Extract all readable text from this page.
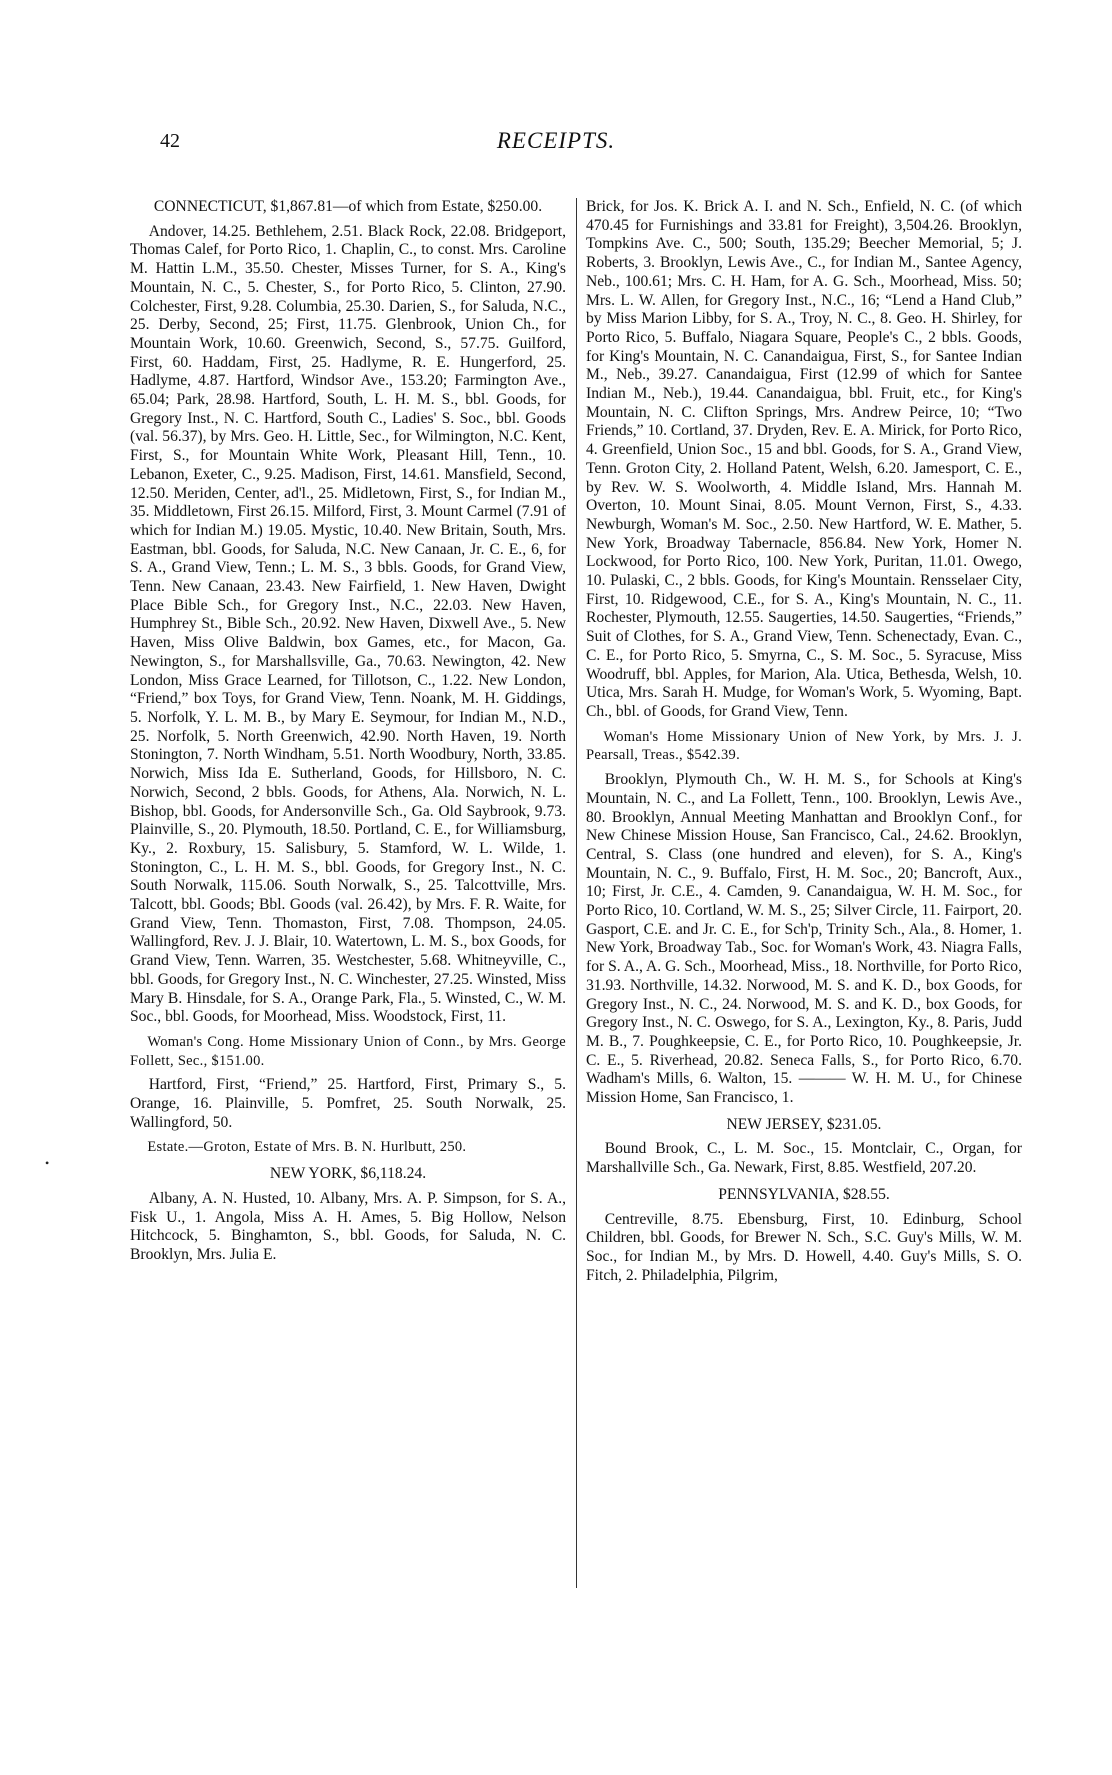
42	RECEIPTS.
•

CONNECTICUT, $1,867.81—of which from Estate, $250.00.

Andover, 14.25. Bethlehem, 2.51. Black Rock, 22.08. Bridgeport, Thomas Calef, for Porto Rico, 1. Chaplin, C., to const. Mrs. Caroline M. Hattin L.M., 35.50. Chester, Misses Turner, for S. A., King's Mountain, N. C., 5. Chester, S., for Porto Rico, 5. Clinton, 27.90. Colchester, First, 9.28. Columbia, 25.30. Darien, S., for Saluda, N.C., 25. Derby, Second, 25; First, 11.75. Glenbrook, Union Ch., for Mountain Work, 10.60. Greenwich, Second, S., 57.75. Guilford, First, 60. Haddam, First, 25. Hadlyme, R. E. Hungerford, 25. Hadlyme, 4.87. Hartford, Windsor Ave., 153.20; Farmington Ave., 65.04; Park, 28.98. Hartford, South, L. H. M. S., bbl. Goods, for Gregory Inst., N. C. Hartford, South C., Ladies' S. Soc., bbl. Goods (val. 56.37), by Mrs. Geo. H. Little, Sec., for Wilmington, N.C. Kent, First, S., for Mountain White Work, Pleasant Hill, Tenn., 10. Lebanon, Exeter, C., 9.25. Madison, First, 14.61. Mansfield, Second, 12.50. Meriden, Center, ad'l., 25. Midletown, First, S., for Indian M., 35. Middletown, First 26.15. Milford, First, 3. Mount Carmel (7.91 of which for Indian M.) 19.05. Mystic, 10.40. New Britain, South, Mrs. Eastman, bbl. Goods, for Saluda, N.C. New Canaan, Jr. C. E., 6, for S. A., Grand View, Tenn.; L. M. S., 3 bbls. Goods, for Grand View, Tenn. New Canaan, 23.43. New Fairfield, 1. New Haven, Dwight Place Bible Sch., for Gregory Inst., N.C., 22.03. New Haven, Humphrey St., Bible Sch., 20.92. New Haven, Dixwell Ave., 5. New Haven, Miss Olive Baldwin, box Games, etc., for Macon, Ga. Newington, S., for Marshallsville, Ga., 70.63. Newington, 42. New London, Miss Grace Learned, for Tillotson, C., 1.22. New London, “Friend,” box Toys, for Grand View, Tenn. Noank, M. H. Giddings, 5. Norfolk, Y. L. M. B., by Mary E. Seymour, for Indian M., N.D., 25. Norfolk, 5. North Greenwich, 42.90. North Haven, 19. North Stonington, 7. North Windham, 5.51. North Woodbury, North, 33.85. Norwich, Miss Ida E. Sutherland, Goods, for Hillsboro, N. C. Norwich, Second, 2 bbls. Goods, for Athens, Ala. Norwich, N. L. Bishop, bbl. Goods, for Andersonville Sch., Ga. Old Saybrook, 9.73. Plainville, S., 20. Plymouth, 18.50. Portland, C. E., for Williamsburg, Ky., 2. Roxbury, 15. Salisbury, 5. Stamford, W. L. Wilde, 1. Stonington, C., L. H. M. S., bbl. Goods, for Gregory Inst., N. C. South Norwalk, 115.06. South Norwalk, S., 25. Talcottville, Mrs. Talcott, bbl. Goods; Bbl. Goods (val. 26.42), by Mrs. F. R. Waite, for Grand View, Tenn. Thomaston, First, 7.08. Thompson, 24.05. Wallingford, Rev. J. J. Blair, 10. Watertown, L. M. S., box Goods, for Grand View, Tenn. Warren, 35. Westchester, 5.68. Whitneyville, C., bbl. Goods, for Gregory Inst., N. C. Winchester, 27.25. Winsted, Miss Mary B. Hinsdale, for S. A., Orange Park, Fla., 5. Winsted, C., W. M. Soc., bbl. Goods, for Moorhead, Miss. Woodstock, First, 11.

Woman's Cong. Home Missionary Union of Conn., by Mrs. George Follett, Sec., $151.00.

Hartford, First, “Friend,” 25. Hartford, First, Primary S., 5. Orange, 16. Plainville, 5. Pomfret, 25. South Norwalk, 25. Wallingford, 50.

Estate.—Groton, Estate of Mrs. B. N. Hurlbutt, 250.

NEW YORK, $6,118.24.

Albany, A. N. Husted, 10. Albany, Mrs. A. P. Simpson, for S. A., Fisk U., 1. Angola, Miss A. H. Ames, 5. Big Hollow, Nelson Hitchcock, 5. Binghamton, S., bbl. Goods, for Saluda, N. C. Brooklyn, Mrs. Julia E.

Brick, for Jos. K. Brick A. I. and N. Sch., Enfield, N. C. (of which 470.45 for Furnishings and 33.81 for Freight), 3,504.26. Brooklyn, Tompkins Ave. C., 500; South, 135.29; Beecher Memorial, 5; J. Roberts, 3. Brooklyn, Lewis Ave., C., for Indian M., Santee Agency, Neb., 100.61; Mrs. C. H. Ham, for A. G. Sch., Moorhead, Miss. 50; Mrs. L. W. Allen, for Gregory Inst., N.C., 16; “Lend a Hand Club,” by Miss Marion Libby, for S. A., Troy, N. C., 8. Geo. H. Shirley, for Porto Rico, 5. Buffalo, Niagara Square, People's C., 2 bbls. Goods, for King's Mountain, N. C. Canandaigua, First, S., for Santee Indian M., Neb., 39.27. Canandaigua, First (12.99 of which for Santee Indian M., Neb.), 19.44. Canandaigua, bbl. Fruit, etc., for King's Mountain, N. C. Clifton Springs, Mrs. Andrew Peirce, 10; “Two Friends,” 10. Cortland, 37. Dryden, Rev. E. A. Mirick, for Porto Rico, 4. Greenfield, Union Soc., 15 and bbl. Goods, for S. A., Grand View, Tenn. Groton City, 2. Holland Patent, Welsh, 6.20. Jamesport, C. E., by Rev. W. S. Woolworth, 4. Middle Island, Mrs. Hannah M. Overton, 10. Mount Sinai, 8.05. Mount Vernon, First, S., 4.33. Newburgh, Woman's M. Soc., 2.50. New Hartford, W. E. Mather, 5. New York, Broadway Tabernacle, 856.84. New York, Homer N. Lockwood, for Porto Rico, 100. New York, Puritan, 11.01. Owego, 10. Pulaski, C., 2 bbls. Goods, for King's Mountain. Rensselaer City, First, 10. Ridgewood, C.E., for S. A., King's Mountain, N. C., 11. Rochester, Plymouth, 12.55. Saugerties, 14.50. Saugerties, “Friends,” Suit of Clothes, for S. A., Grand View, Tenn. Schenectady, Evan. C., C. E., for Porto Rico, 5. Smyrna, C., S. M. Soc., 5. Syracuse, Miss Woodruff, bbl. Apples, for Marion, Ala. Utica, Bethesda, Welsh, 10. Utica, Mrs. Sarah H. Mudge, for Woman's Work, 5. Wyoming, Bapt. Ch., bbl. of Goods, for Grand View, Tenn.

Woman's Home Missionary Union of New York, by Mrs. J. J. Pearsall, Treas., $542.39.

Brooklyn, Plymouth Ch., W. H. M. S., for Schools at King's Mountain, N. C., and La Follett, Tenn., 100. Brooklyn, Lewis Ave., 80. Brooklyn, Annual Meeting Manhattan and Brooklyn Conf., for New Chinese Mission House, San Francisco, Cal., 24.62. Brooklyn, Central, S. Class (one hundred and eleven), for S. A., King's Mountain, N. C., 9. Buffalo, First, H. M. Soc., 20; Bancroft, Aux., 10; First, Jr. C.E., 4. Camden, 9. Canandaigua, W. H. M. Soc., for Porto Rico, 10. Cortland, W. M. S., 25; Silver Circle, 11. Fairport, 20. Gasport, C.E. and Jr. C. E., for Sch'p, Trinity Sch., Ala., 8. Homer, 1. New York, Broadway Tab., Soc. for Woman's Work, 43. Niagra Falls, for S. A., A. G. Sch., Moorhead, Miss., 18. Northville, for Porto Rico, 31.93. Northville, 14.32. Norwood, M. S. and K. D., box Goods, for Gregory Inst., N. C., 24. Norwood, M. S. and K. D., box Goods, for Gregory Inst., N. C. Oswego, for S. A., Lexington, Ky., 8. Paris, Judd M. B., 7. Poughkeepsie, C. E., for Porto Rico, 10. Poughkeepsie, Jr. C. E., 5. Riverhead, 20.82. Seneca Falls, S., for Porto Rico, 6.70. Wadham's Mills, 6. Walton, 15. ——— W. H. M. U., for Chinese Mission Home, San Francisco, 1.

NEW JERSEY, $231.05.

Bound Brook, C., L. M. Soc., 15. Montclair, C., Organ, for Marshallville Sch., Ga. Newark, First, 8.85. Westfield, 207.20.

PENNSYLVANIA, $28.55.

Centreville, 8.75. Ebensburg, First, 10. Edinburg, School Children, bbl. Goods, for Brewer N. Sch., S.C. Guy's Mills, W. M. Soc., for Indian M., by Mrs. D. Howell, 4.40. Guy's Mills, S. O. Fitch, 2. Philadelphia, Pilgrim,
